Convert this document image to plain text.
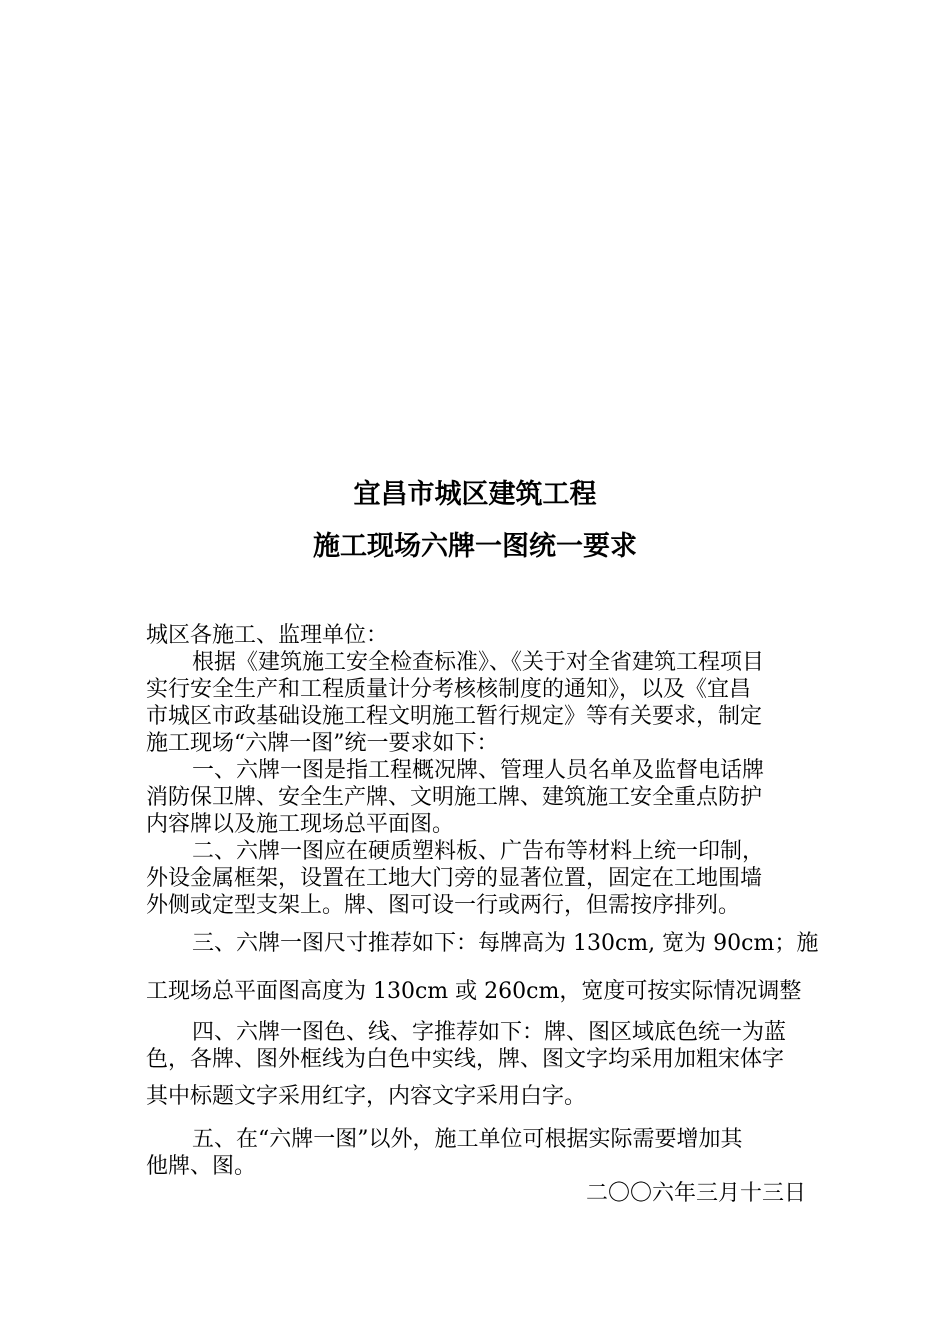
宜昌市城区建筑工程
施工现场六牌一图统一要求

城区各施工、监理单位：

根据《建筑施工安全检查标准》、《关于对全省建筑工程项目

实行安全生产和工程质量计分考核核制度的通知》，以及《宜昌

市城区市政基础设施工程文明施工暂行规定》等有关要求，制定

施工现场“六牌一图”统一要求如下：

一、六牌一图是指工程概况牌、管理人员名单及监督电话牌

消防保卫牌、安全生产牌、文明施工牌、建筑施工安全重点防护

内容牌以及施工现场总平面图。

二、六牌一图应在硬质塑料板、广告布等材料上统一印制，

外设金属框架，设置在工地大门旁的显著位置，固定在工地围墙

外侧或定型支架上。牌、图可设一行或两行，但需按序排列。

三、六牌一图尺寸推荐如下：每牌高为 130cm, 宽为 90cm；施

工现场总平面图高度为 130cm 或 260cm，宽度可按实际情况调整

四、六牌一图色、线、字推荐如下：牌、图区域底色统一为蓝

色，各牌、图外框线为白色中实线，牌、图文字均采用加粗宋体字

其中标题文字采用红字，内容文字采用白字。

五、在“六牌一图”以外，施工单位可根据实际需要增加其

他牌、图。

二〇〇六年三月十三日
